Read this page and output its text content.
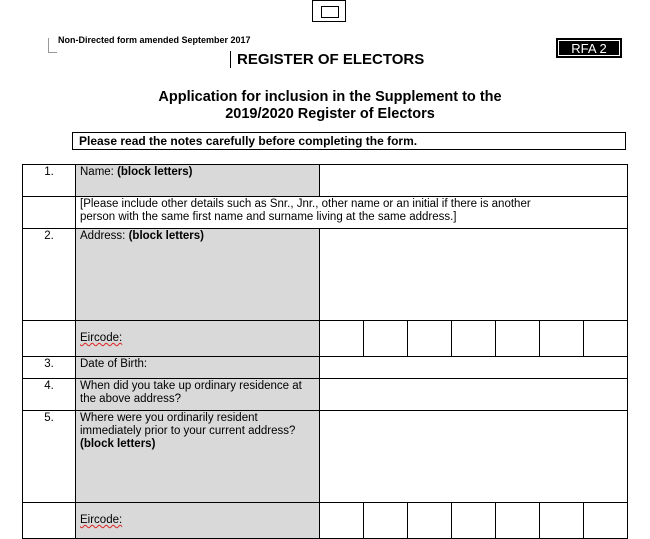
Non-Directed form amended September 2017
RFA 2
REGISTER OF ELECTORS
Application for inclusion in the Supplement to the
2019/2020 Register of Electors
Please read the notes carefully before completing the form.
1.	Name: (block letters)							

	[Please include other details such as Snr., Jnr., other name or an initial if there is another
person with the same first name and surname living at the same address.]							

2.	Address: (block letters)							
	Eircode:							
3.	Date of Birth:							
4.	When did you take up ordinary residence at the above address?							
5.	Where were you ordinarily resident immediately prior to your current address? (block letters)							
	Eircode:							
